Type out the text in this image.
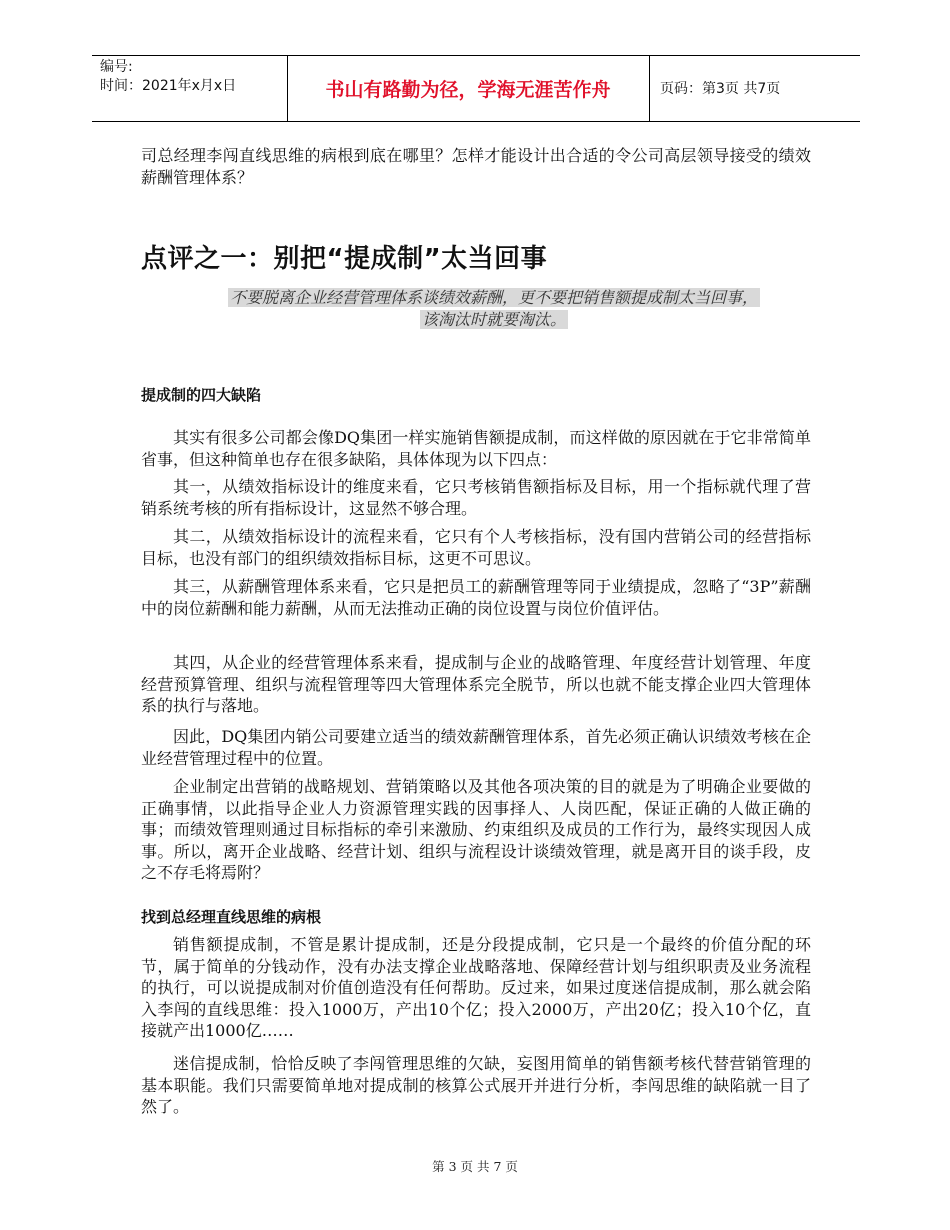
编号:
时间：2021年x月x日	书山有路勤为径，学海无涯苦作舟	页码：第3页 共7页
司总经理李闯直线思维的病根到底在哪里？怎样才能设计出合适的令公司高层领导接受的绩效薪酬管理体系？
点评之一：别把“提成制”太当回事
不要脱离企业经营管理体系谈绩效薪酬，更不要把销售额提成制太当回事，
该淘汰时就要淘汰。
提成制的四大缺陷
其实有很多公司都会像DQ集团一样实施销售额提成制，而这样做的原因就在于它非常简单省事，但这种简单也存在很多缺陷，具体体现为以下四点：
其一，从绩效指标设计的维度来看，它只考核销售额指标及目标，用一个指标就代理了营销系统考核的所有指标设计，这显然不够合理。
其二，从绩效指标设计的流程来看，它只有个人考核指标，没有国内营销公司的经营指标目标，也没有部门的组织绩效指标目标，这更不可思议。
其三，从薪酬管理体系来看，它只是把员工的薪酬管理等同于业绩提成，忽略了“3P”薪酬中的岗位薪酬和能力薪酬，从而无法推动正确的岗位设置与岗位价值评估。
其四，从企业的经营管理体系来看，提成制与企业的战略管理、年度经营计划管理、年度经营预算管理、组织与流程管理等四大管理体系完全脱节，所以也就不能支撑企业四大管理体系的执行与落地。
因此，DQ集团内销公司要建立适当的绩效薪酬管理体系，首先必须正确认识绩效考核在企业经营管理过程中的位置。
企业制定出营销的战略规划、营销策略以及其他各项决策的目的就是为了明确企业要做的正确事情，以此指导企业人力资源管理实践的因事择人、人岗匹配，保证正确的人做正确的事；而绩效管理则通过目标指标的牵引来激励、约束组织及成员的工作行为，最终实现因人成事。所以，离开企业战略、经营计划、组织与流程设计谈绩效管理，就是离开目的谈手段，皮之不存毛将焉附？
找到总经理直线思维的病根
销售额提成制，不管是累计提成制，还是分段提成制，它只是一个最终的价值分配的环节，属于简单的分钱动作，没有办法支撑企业战略落地、保障经营计划与组织职责及业务流程的执行，可以说提成制对价值创造没有任何帮助。反过来，如果过度迷信提成制，那么就会陷入李闯的直线思维：投入1000万，产出10个亿；投入2000万，产出20亿；投入10个亿，直接就产出1000亿……
迷信提成制，恰恰反映了李闯管理思维的欠缺，妄图用简单的销售额考核代替营销管理的基本职能。我们只需要简单地对提成制的核算公式展开并进行分析，李闯思维的缺陷就一目了然了。
第 3 页 共 7 页
